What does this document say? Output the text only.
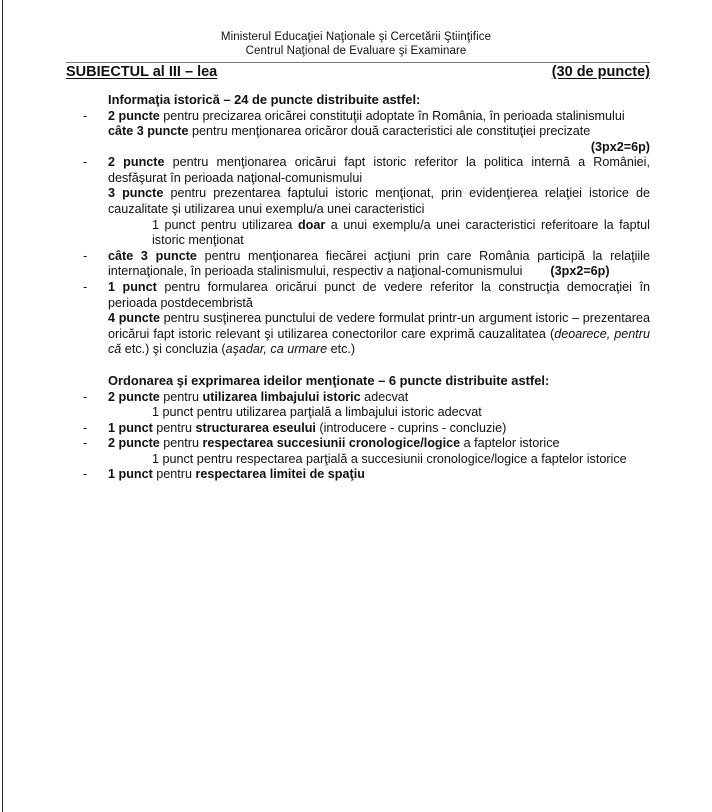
Ministerul Educaţiei Naţionale şi Cercetării Ştiinţifice
Centrul Naţional de Evaluare şi Examinare
SUBIECTUL al III – lea	(30 de puncte)
Informaţia istorică – 24 de puncte distribuite astfel:
- 2 puncte pentru precizarea oricărei constituţii adoptate în România, în perioada stalinismului
câte 3 puncte pentru menţionarea oricăror două caracteristici ale constituţiei precizate
(3px2=6p)
- 2 puncte pentru menţionarea oricărui fapt istoric referitor la politica internă a României, desfăşurat în perioada naţional-comunismului
3 puncte pentru prezentarea faptului istoric menţionat, prin evidenţierea relaţiei istorice de cauzalitate şi utilizarea unui exemplu/a unei caracteristici
1 punct pentru utilizarea doar a unui exemplu/a unei caracteristici referitoare la faptul istoric menţionat
- câte 3 puncte pentru menţionarea fiecărei acţiuni prin care România participă la relaţiile internaţionale, în perioada stalinismului, respectiv a naţional-comunismului (3px2=6p)
- 1 punct pentru formularea oricărui punct de vedere referitor la construcţia democraţiei în perioada postdecembristă
4 puncte pentru susţinerea punctului de vedere formulat printr-un argument istoric – prezentarea oricărui fapt istoric relevant şi utilizarea conectorilor care exprimă cauzalitatea (deoarece, pentru că etc.) şi concluzia (aşadar, ca urmare etc.)
Ordonarea şi exprimarea ideilor menţionate – 6 puncte distribuite astfel:
- 2 puncte pentru utilizarea limbajului istoric adecvat
1 punct pentru utilizarea parţială a limbajului istoric adecvat
- 1 punct pentru structurarea eseului (introducere - cuprins - concluzie)
- 2 puncte pentru respectarea succesiunii cronologice/logice a faptelor istorice
1 punct pentru respectarea parţială a succesiunii cronologice/logice a faptelor istorice
- 1 punct pentru respectarea limitei de spaţiu
